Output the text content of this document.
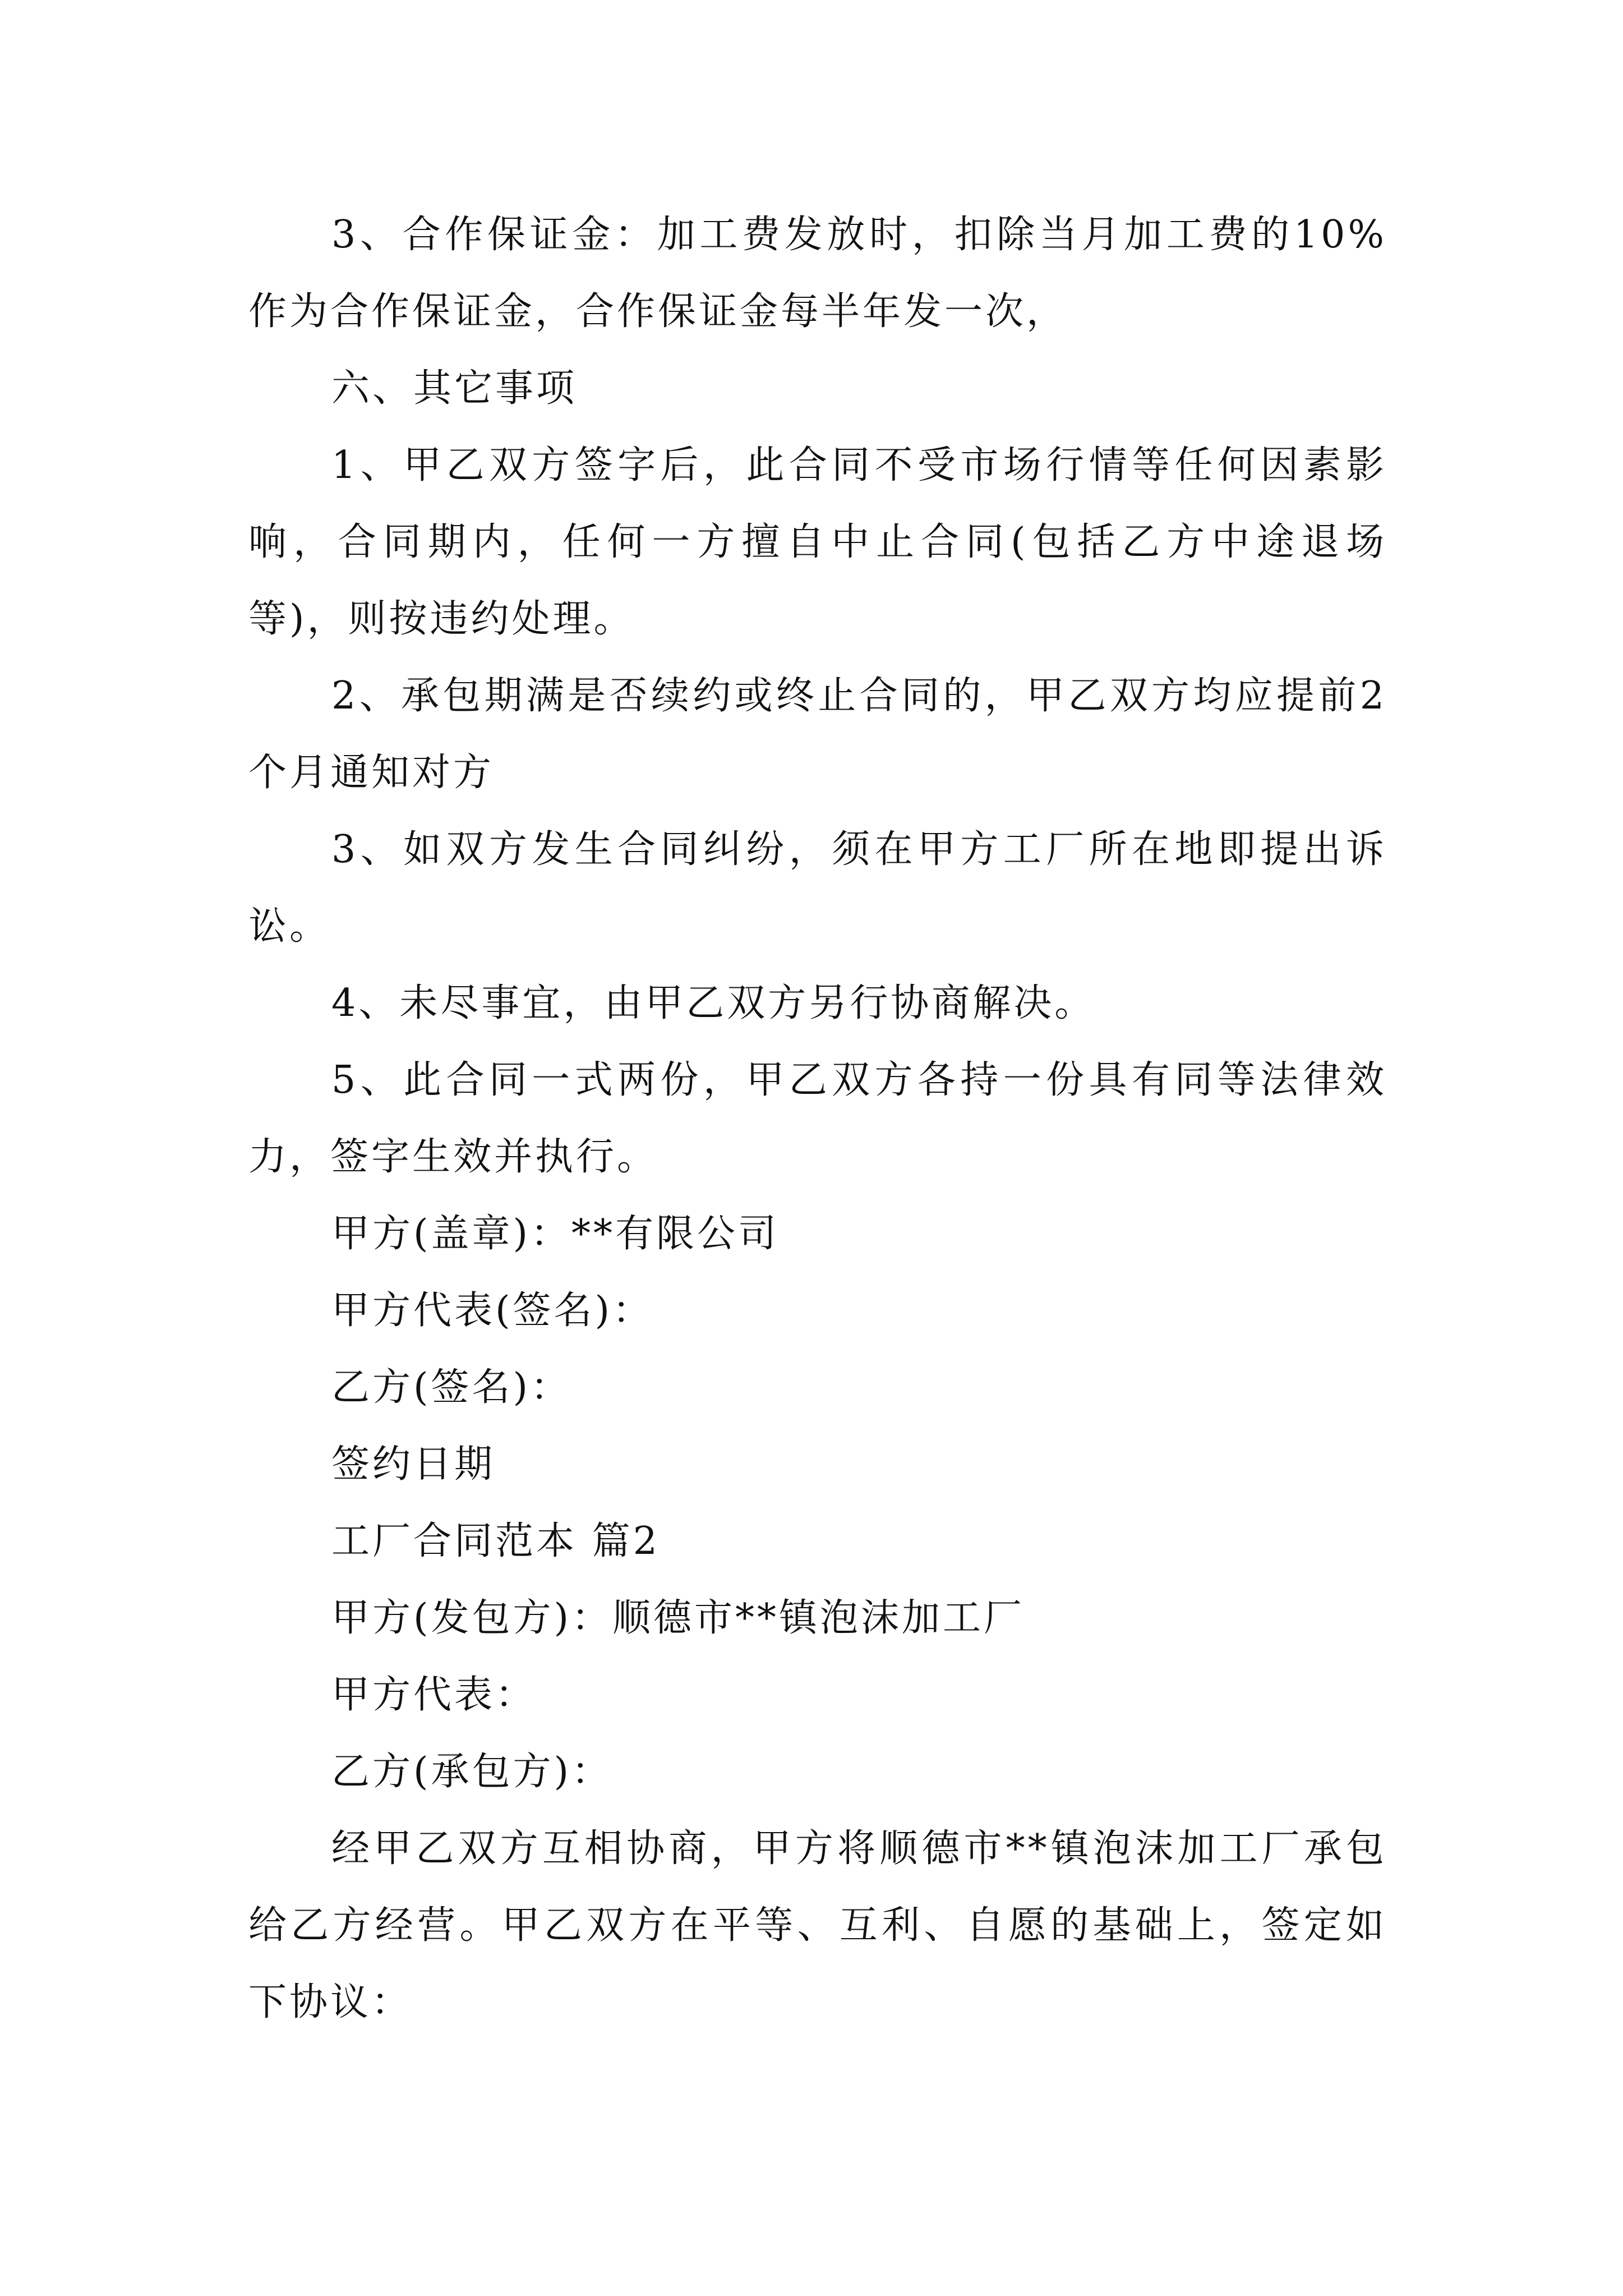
3、合作保证金：加工费发放时，扣除当月加工费的10%作为合作保证金，合作保证金每半年发一次，

六、其它事项

1、甲乙双方签字后，此合同不受市场行情等任何因素影响，合同期内，任何一方擅自中止合同(包括乙方中途退场等)，则按违约处理。

2、承包期满是否续约或终止合同的，甲乙双方均应提前2个月通知对方

3、如双方发生合同纠纷，须在甲方工厂所在地即提出诉讼。

4、未尽事宜，由甲乙双方另行协商解决。

5、此合同一式两份，甲乙双方各持一份具有同等法律效力，签字生效并执行。

甲方(盖章)：**有限公司

甲方代表(签名)：

乙方(签名)：

签约日期

工厂合同范本 篇2

甲方(发包方)：顺德市**镇泡沫加工厂

甲方代表：

乙方(承包方)：

经甲乙双方互相协商，甲方将顺德市**镇泡沫加工厂承包给乙方经营。甲乙双方在平等、互利、自愿的基础上，签定如下协议：
